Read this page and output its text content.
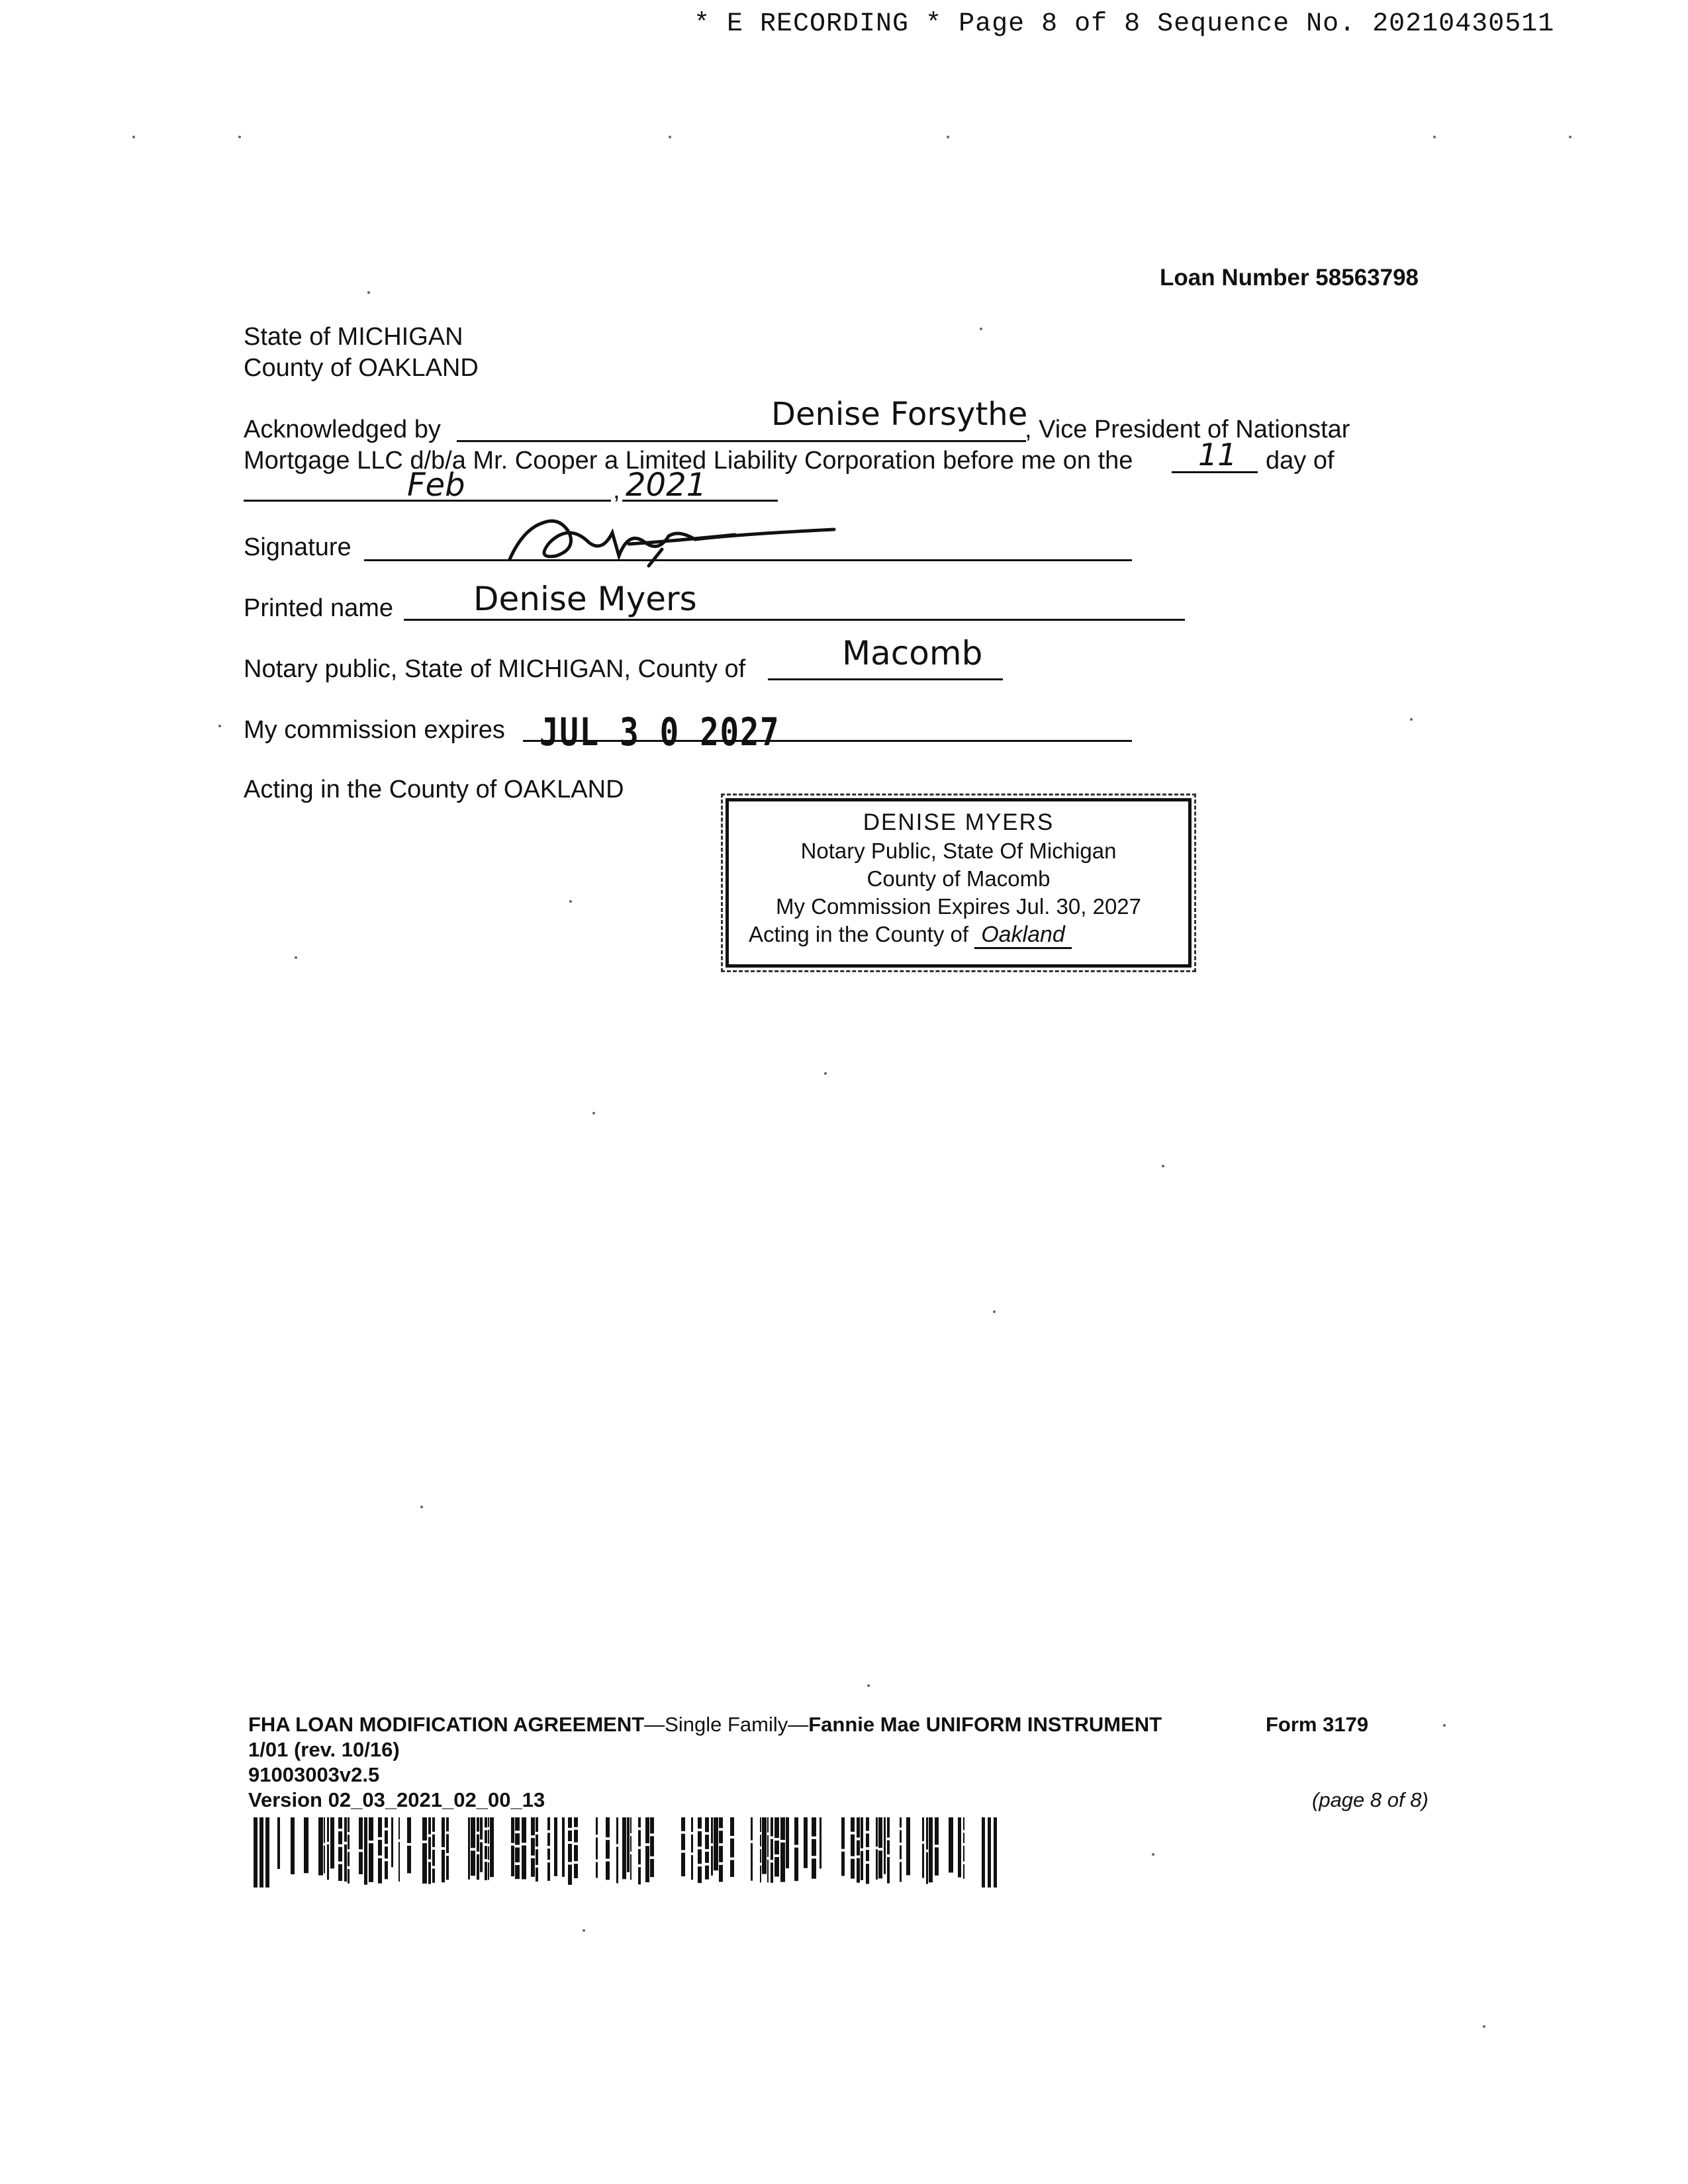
* E RECORDING * Page 8 of 8 Sequence No. 20210430511
Loan Number 58563798
State of MICHIGAN
County of OAKLAND
Acknowledged by	Denise Forsythe
, Vice President of Nationstar
Mortgage LLC d/b/a Mr. Cooper a Limited Liability Corporation before me on the 11 day of
Feb	, 2021
Signature
Printed name Denise Myers
Notary public, State of MICHIGAN, County of	Macomb
My commission expires JUL 3 0 2027
Acting in the County of OAKLAND
DENISE MYERS
Notary Public, State Of Michigan
County of Macomb
My Commission Expires Jul. 30, 2027
Acting in the County of Oakland
FHA LOAN MODIFICATION AGREEMENT—Single Family—Fannie Mae UNIFORM INSTRUMENT	Form 3179
1/01 (rev. 10/16)
91003003v2.5
Version 02_03_2021_02_00_13	(page 8 of 8)
